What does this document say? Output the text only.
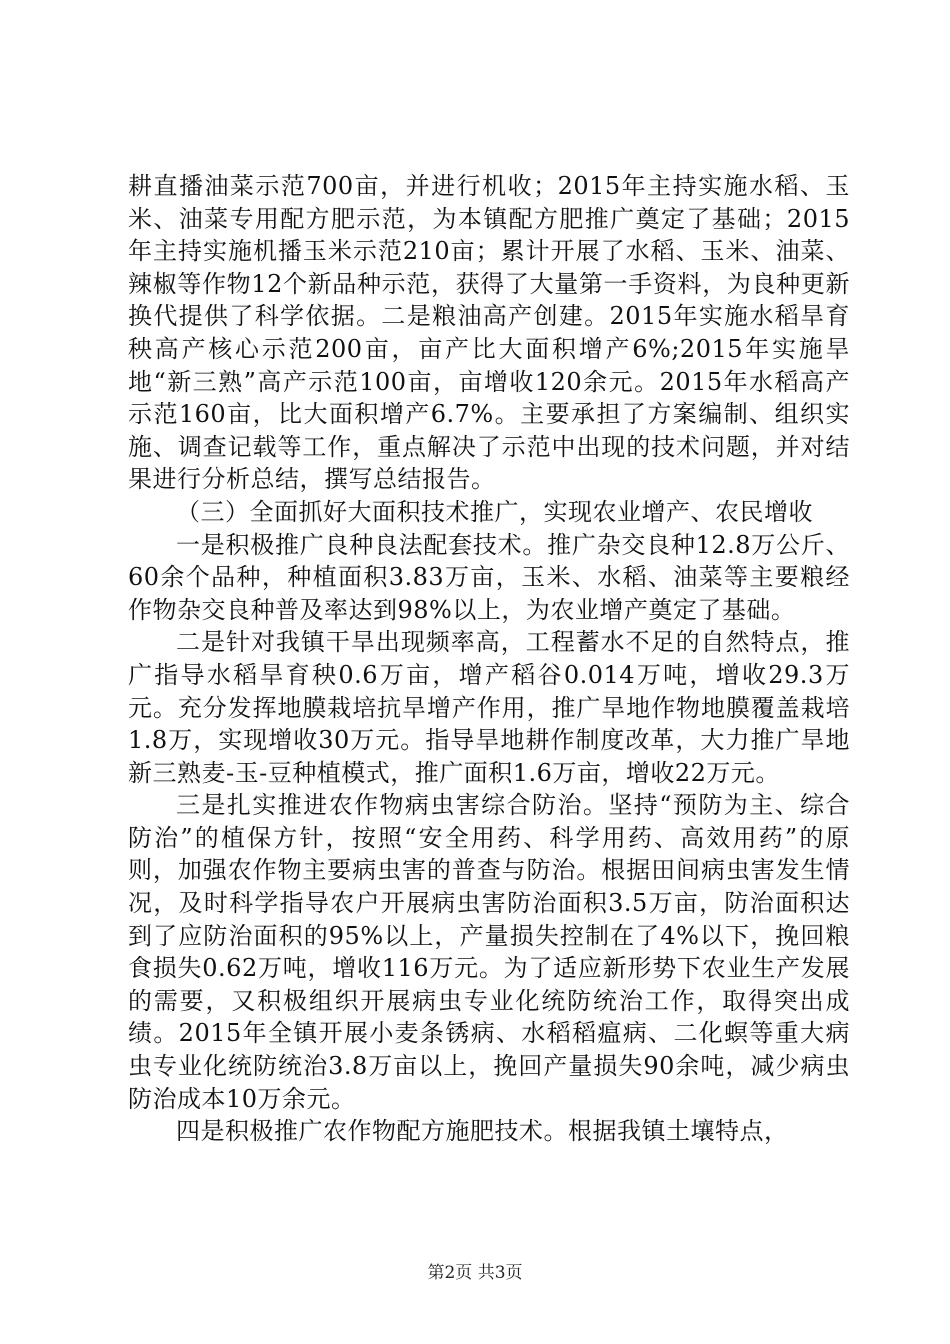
耕直播油菜示范700亩，并进行机收；2015年主持实施水稻、玉米、油菜专用配方肥示范，为本镇配方肥推广奠定了基础；2015年主持实施机播玉米示范210亩；累计开展了水稻、玉米、油菜、辣椒等作物12个新品种示范，获得了大量第一手资料，为良种更新换代提供了科学依据。二是粮油高产创建。2015年实施水稻旱育秧高产核心示范200亩，亩产比大面积增产6%;2015年实施旱地“新三熟”高产示范100亩，亩增收120余元。2015年水稻高产示范160亩，比大面积增产6.7%。主要承担了方案编制、组织实施、调查记载等工作，重点解决了示范中出现的技术问题，并对结果进行分析总结，撰写总结报告。

（三）全面抓好大面积技术推广，实现农业增产、农民增收

一是积极推广良种良法配套技术。推广杂交良种12.8万公斤、60余个品种，种植面积3.83万亩，玉米、水稻、油菜等主要粮经作物杂交良种普及率达到98%以上，为农业增产奠定了基础。

二是针对我镇干旱出现频率高，工程蓄水不足的自然特点，推广指导水稻旱育秧0.6万亩，增产稻谷0.014万吨，增收29.3万元。充分发挥地膜栽培抗旱增产作用，推广旱地作物地膜覆盖栽培1.8万，实现增收30万元。指导旱地耕作制度改革，大力推广旱地新三熟麦-玉-豆种植模式，推广面积1.6万亩，增收22万元。

三是扎实推进农作物病虫害综合防治。坚持“预防为主、综合防治”的植保方针，按照“安全用药、科学用药、高效用药”的原则，加强农作物主要病虫害的普查与防治。根据田间病虫害发生情况，及时科学指导农户开展病虫害防治面积3.5万亩，防治面积达到了应防治面积的95%以上，产量损失控制在了4%以下，挽回粮食损失0.62万吨，增收116万元。为了适应新形势下农业生产发展的需要，又积极组织开展病虫专业化统防统治工作，取得突出成绩。2015年全镇开展小麦条锈病、水稻稻瘟病、二化螟等重大病虫专业化统防统治3.8万亩以上，挽回产量损失90余吨，减少病虫防治成本10万余元。

四是积极推广农作物配方施肥技术。根据我镇土壤特点，

第2页 共3页
